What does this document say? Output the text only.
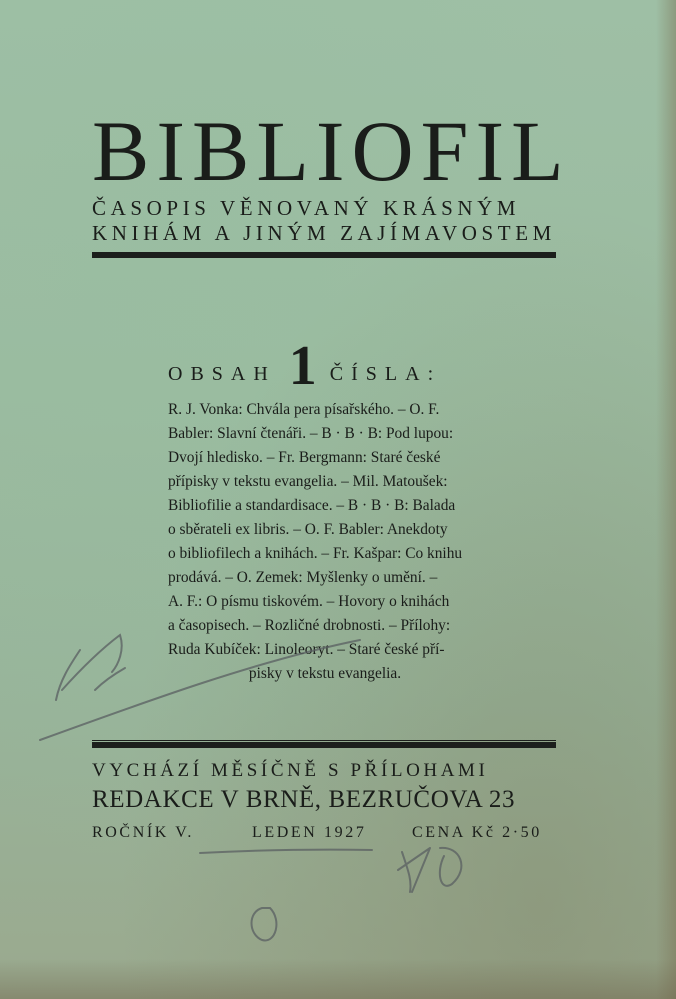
BIBLIOFIL

ČASOPIS VĚNOVANÝ KRÁSNÝM

KNIHÁM A JINÝM ZAJÍMAVOSTEM

OBSAH 1 ČÍSLA:

R. J. Vonka: Chvála pera písařského. – O. F.

Babler: Slavní čtenáři. – B · B · B: Pod lupou:

Dvojí hledisko. – Fr. Bergmann: Staré české

přípisky v tekstu evangelia. – Mil. Matoušek:

Bibliofilie a standardisace. – B · B · B: Balada

o sběrateli ex libris. – O. F. Babler: Anekdoty

o bibliofilech a knihách. – Fr. Kašpar: Co knihu

prodává. – O. Zemek: Myšlenky o umění. –

A. F.: O písmu tiskovém. – Hovory o knihách

a časopisech. – Rozličné drobnosti. – Přílohy:

Ruda Kubíček: Linoleoryt. – Staré české pří-

pisky v tekstu evangelia.

VYCHÁZÍ MĚSÍČNĚ S PŘÍLOHAMI

REDAKCE V BRNĚ, BEZRUČOVA 23

ROČNÍK V.	LEDEN 1927	CENA Kč 2·50
